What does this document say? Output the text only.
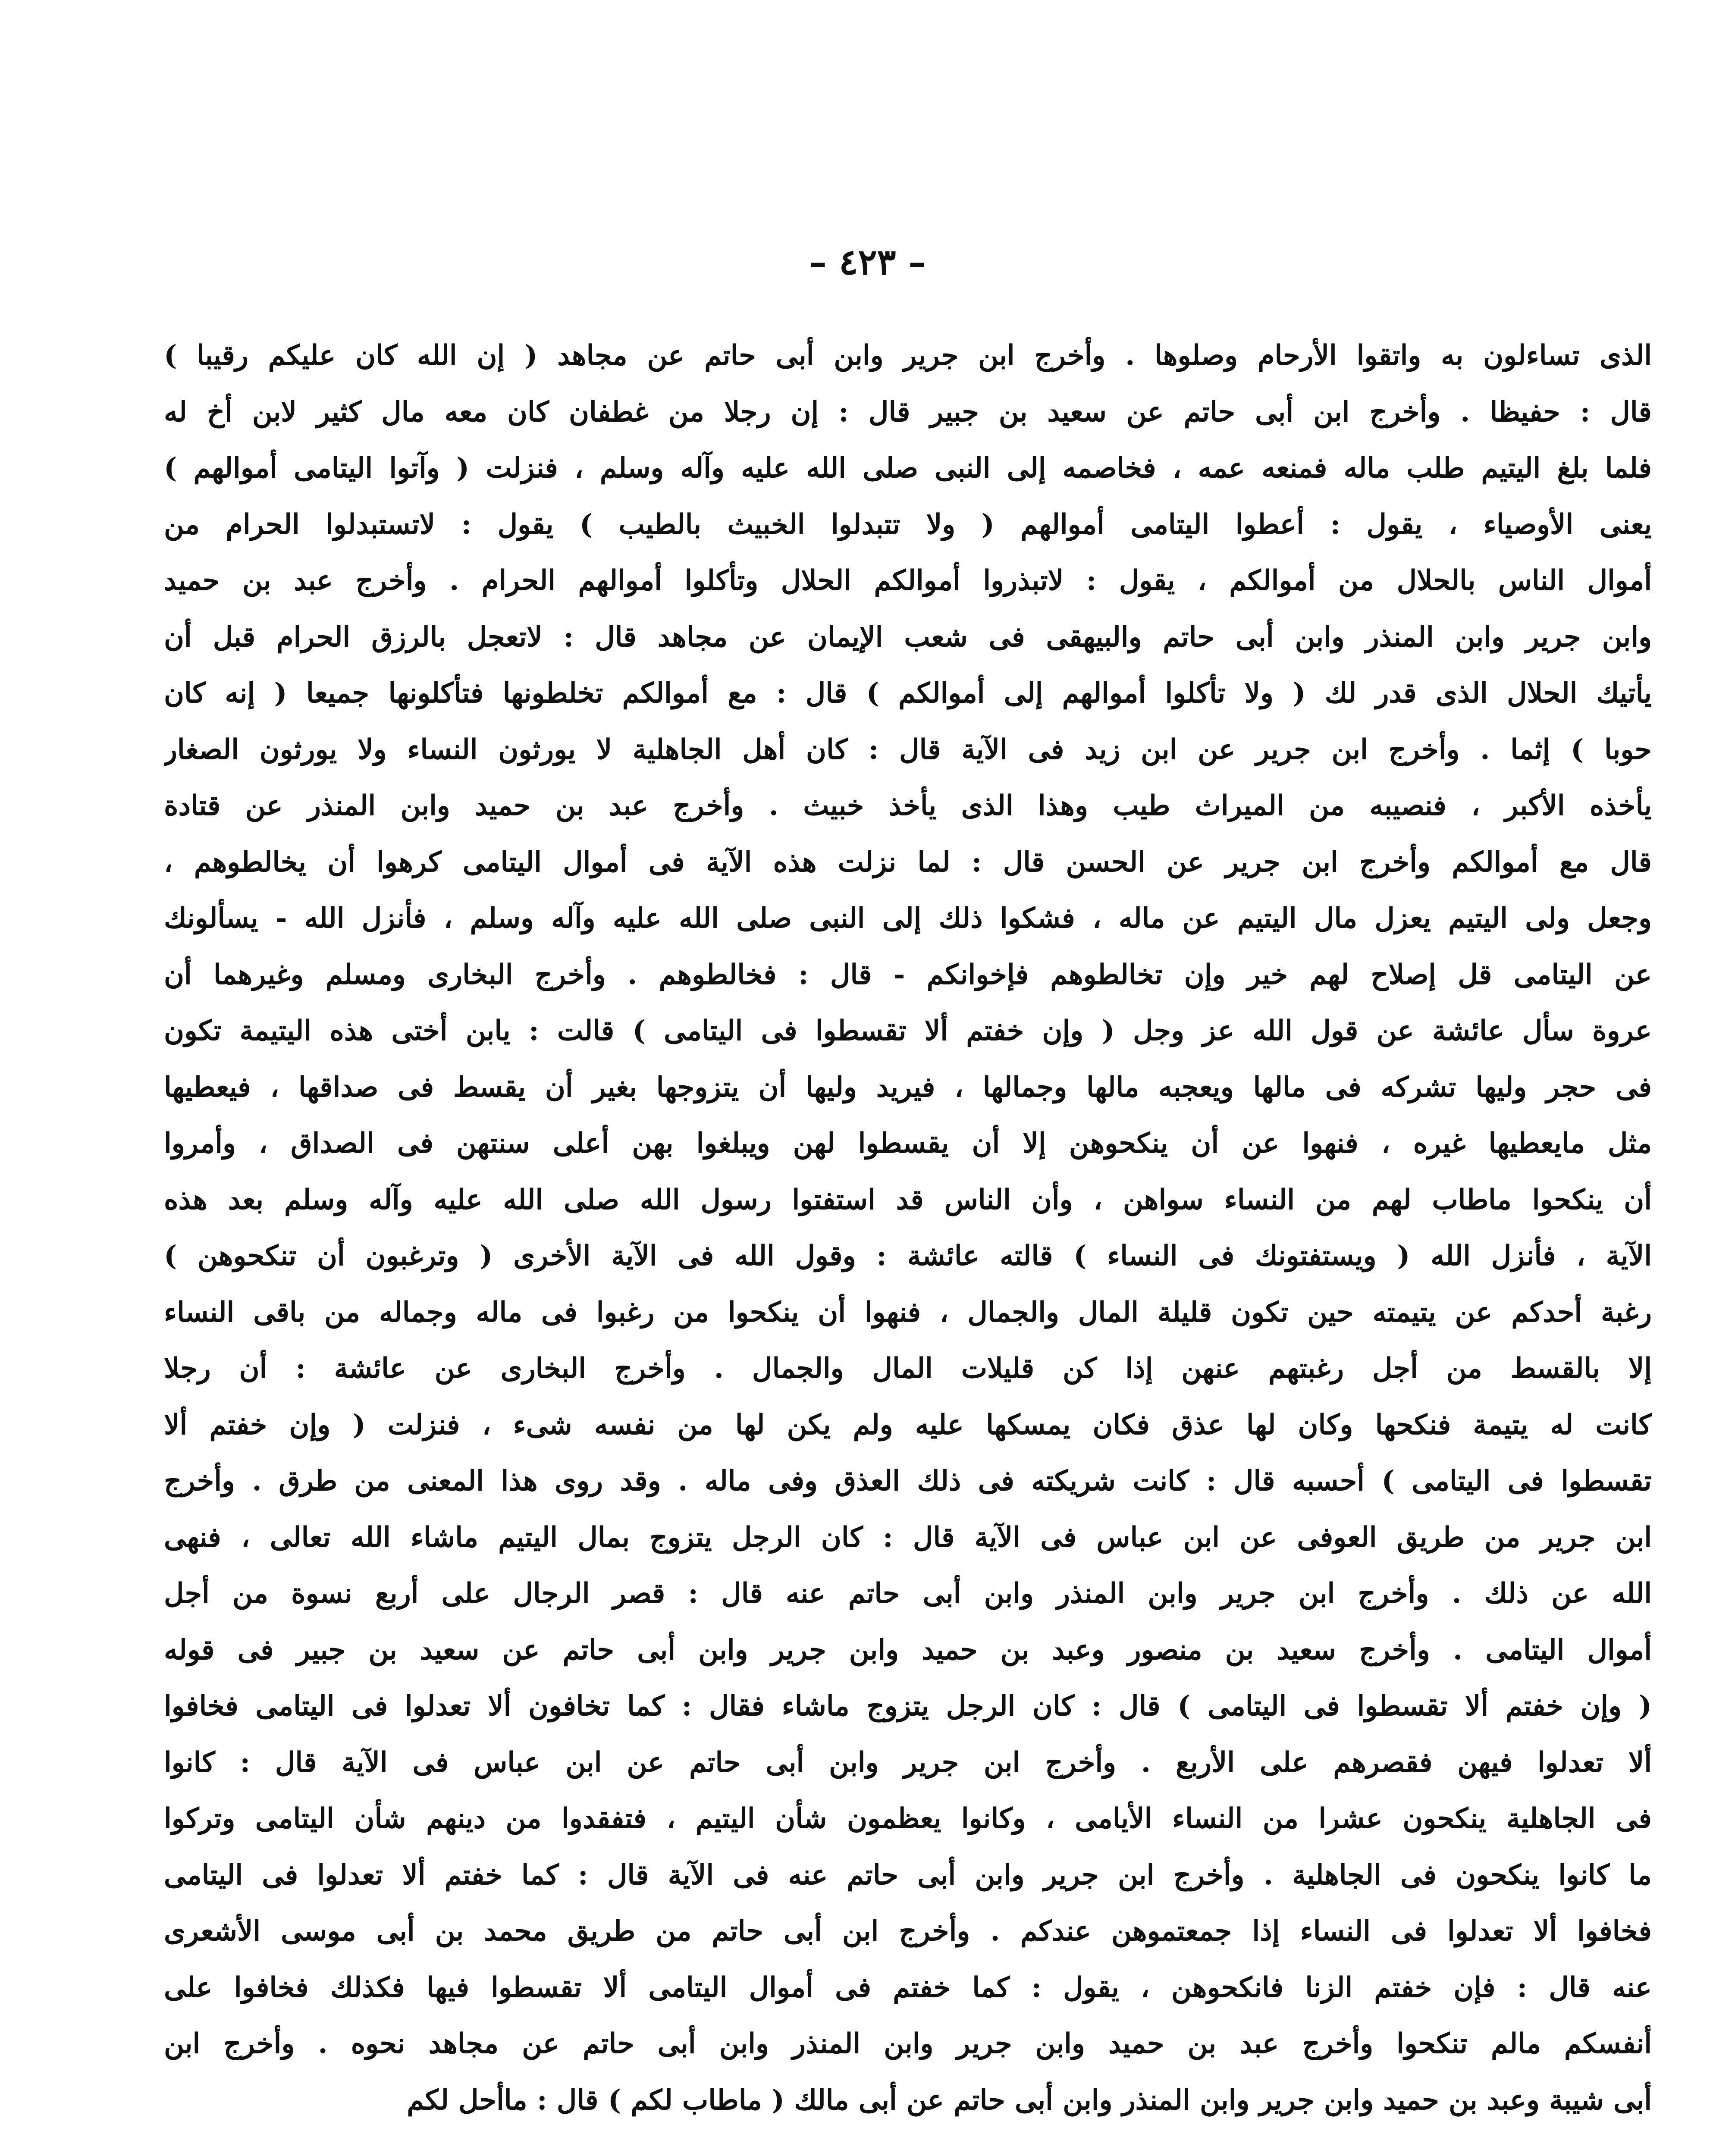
– ٤٢٣ –
الذى تساءلون به واتقوا الأرحام وصلوها . وأخرج ابن جرير وابن أبى حاتم عن مجاهد ( إن الله كان عليكم رقيبا )
قال : حفيظا . وأخرج ابن أبى حاتم عن سعيد بن جبير قال : إن رجلا من غطفان كان معه مال كثير لابن أخ له
فلما بلغ اليتيم طلب ماله فمنعه عمه ، فخاصمه إلى النبى صلى الله عليه وآله وسلم ، فنزلت ( وآتوا اليتامى أموالهم )
يعنى الأوصياء ، يقول : أعطوا اليتامى أموالهم ( ولا تتبدلوا الخبيث بالطيب ) يقول : لاتستبدلوا الحرام من
أموال الناس بالحلال من أموالكم ، يقول : لاتبذروا أموالكم الحلال وتأكلوا أموالهم الحرام . وأخرج عبد بن حميد
وابن جرير وابن المنذر وابن أبى حاتم والبيهقى فى شعب الإيمان عن مجاهد قال : لاتعجل بالرزق الحرام قبل أن
يأتيك الحلال الذى قدر لك ( ولا تأكلوا أموالهم إلى أموالكم ) قال : مع أموالكم تخلطونها فتأكلونها جميعا ( إنه كان
حوبا ) إثما . وأخرج ابن جرير عن ابن زيد فى الآية قال : كان أهل الجاهلية لا يورثون النساء ولا يورثون الصغار
يأخذه الأكبر ، فنصيبه من الميراث طيب وهذا الذى يأخذ خبيث . وأخرج عبد بن حميد وابن المنذر عن قتادة
قال مع أموالكم وأخرج ابن جرير عن الحسن قال : لما نزلت هذه الآية فى أموال اليتامى كرهوا أن يخالطوهم ،
وجعل ولى اليتيم يعزل مال اليتيم عن ماله ، فشكوا ذلك إلى النبى صلى الله عليه وآله وسلم ، فأنزل الله - يسألونك
عن اليتامى قل إصلاح لهم خير وإن تخالطوهم فإخوانكم - قال : فخالطوهم . وأخرج البخارى ومسلم وغيرهما أن
عروة سأل عائشة عن قول الله عز وجل ( وإن خفتم ألا تقسطوا فى اليتامى ) قالت : يابن أختى هذه اليتيمة تكون
فى حجر وليها تشركه فى مالها ويعجبه مالها وجمالها ، فيريد وليها أن يتزوجها بغير أن يقسط فى صداقها ، فيعطيها
مثل مايعطيها غيره ، فنهوا عن أن ينكحوهن إلا أن يقسطوا لهن ويبلغوا بهن أعلى سنتهن فى الصداق ، وأمروا
أن ينكحوا ماطاب لهم من النساء سواهن ، وأن الناس قد استفتوا رسول الله صلى الله عليه وآله وسلم بعد هذه
الآية ، فأنزل الله ( ويستفتونك فى النساء ) قالته عائشة : وقول الله فى الآية الأخرى ( وترغبون أن تنكحوهن )
رغبة أحدكم عن يتيمته حين تكون قليلة المال والجمال ، فنهوا أن ينكحوا من رغبوا فى ماله وجماله من باقى النساء
إلا بالقسط من أجل رغبتهم عنهن إذا كن قليلات المال والجمال . وأخرج البخارى عن عائشة : أن رجلا
كانت له يتيمة فنكحها وكان لها عذق فكان يمسكها عليه ولم يكن لها من نفسه شىء ، فنزلت ( وإن خفتم ألا
تقسطوا فى اليتامى ) أحسبه قال : كانت شريكته فى ذلك العذق وفى ماله . وقد روى هذا المعنى من طرق . وأخرج
ابن جرير من طريق العوفى عن ابن عباس فى الآية قال : كان الرجل يتزوج بمال اليتيم ماشاء الله تعالى ، فنهى
الله عن ذلك . وأخرج ابن جرير وابن المنذر وابن أبى حاتم عنه قال : قصر الرجال على أربع نسوة من أجل
أموال اليتامى . وأخرج سعيد بن منصور وعبد بن حميد وابن جرير وابن أبى حاتم عن سعيد بن جبير فى قوله
( وإن خفتم ألا تقسطوا فى اليتامى ) قال : كان الرجل يتزوج ماشاء فقال : كما تخافون ألا تعدلوا فى اليتامى فخافوا
ألا تعدلوا فيهن فقصرهم على الأربع . وأخرج ابن جرير وابن أبى حاتم عن ابن عباس فى الآية قال : كانوا
فى الجاهلية ينكحون عشرا من النساء الأيامى ، وكانوا يعظمون شأن اليتيم ، فتفقدوا من دينهم شأن اليتامى وتركوا
ما كانوا ينكحون فى الجاهلية . وأخرج ابن جرير وابن أبى حاتم عنه فى الآية قال : كما خفتم ألا تعدلوا فى اليتامى
فخافوا ألا تعدلوا فى النساء إذا جمعتموهن عندكم . وأخرج ابن أبى حاتم من طريق محمد بن أبى موسى الأشعرى
عنه قال : فإن خفتم الزنا فانكحوهن ، يقول : كما خفتم فى أموال اليتامى ألا تقسطوا فيها فكذلك فخافوا على
أنفسكم مالم تنكحوا وأخرج عبد بن حميد وابن جرير وابن المنذر وابن أبى حاتم عن مجاهد نحوه . وأخرج ابن
أبى شيبة وعبد بن حميد وابن جرير وابن المنذر وابن أبى حاتم عن أبى مالك ( ماطاب لكم ) قال : ماأحل لكم
